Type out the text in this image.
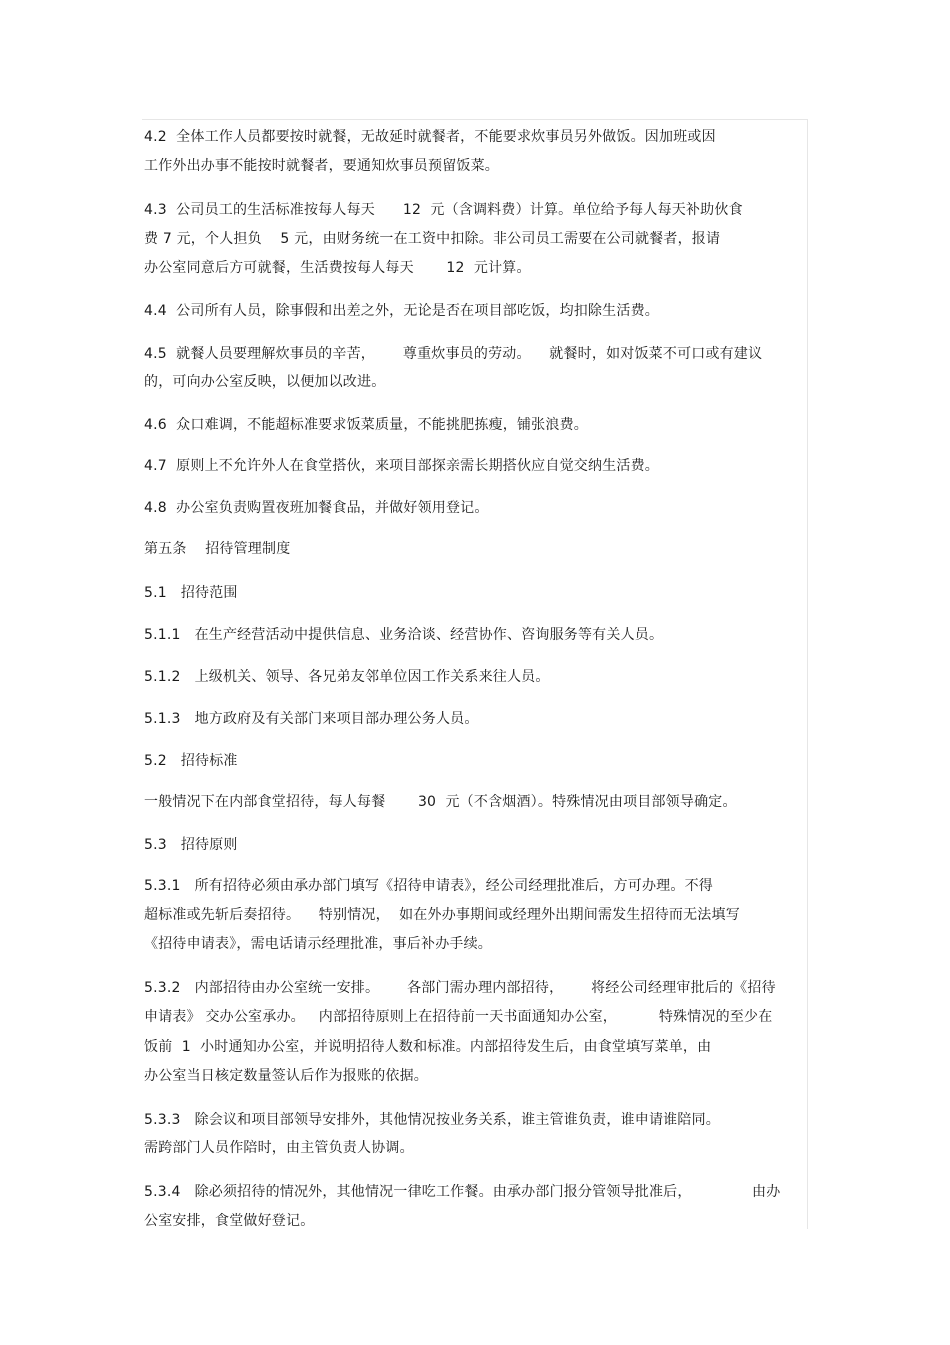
4.2  全体工作人员都要按时就餐，无故延时就餐者，不能要求炊事员另外做饭。因加班或因
工作外出办事不能按时就餐者，要通知炊事员预留饭菜。
4.3  公司员工的生活标准按每人每天      12  元（含调料费）计算。单位给予每人每天补助伙食
费 7 元，个人担负    5 元，由财务统一在工资中扣除。非公司员工需要在公司就餐者，报请
办公室同意后方可就餐，生活费按每人每天       12  元计算。
4.4  公司所有人员，除事假和出差之外，无论是否在项目部吃饭，均扣除生活费。
4.5  就餐人员要理解炊事员的辛苦，      尊重炊事员的劳动。    就餐时，如对饭菜不可口或有建议
的，可向办公室反映，以便加以改进。
4.6  众口难调，不能超标准要求饭菜质量，不能挑肥拣瘦，铺张浪费。
4.7  原则上不允许外人在食堂搭伙，来项目部探亲需长期搭伙应自觉交纳生活费。
4.8  办公室负责购置夜班加餐食品，并做好领用登记。
第五条    招待管理制度
5.1   招待范围
5.1.1   在生产经营活动中提供信息、业务洽谈、经营协作、咨询服务等有关人员。
5.1.2   上级机关、领导、各兄弟友邻单位因工作关系来往人员。
5.1.3   地方政府及有关部门来项目部办理公务人员。
5.2   招待标准
一般情况下在内部食堂招待，每人每餐       30  元（不含烟酒）。特殊情况由项目部领导确定。
5.3   招待原则
5.3.1   所有招待必须由承办部门填写《招待申请表》，经公司经理批准后，方可办理。不得
超标准或先斩后奏招待。    特别情况，  如在外办事期间或经理外出期间需发生招待而无法填写
《招待申请表》，需电话请示经理批准，事后补办手续。
5.3.2   内部招待由办公室统一安排。      各部门需办理内部招待，      将经公司经理审批后的《招待
申请表》 交办公室承办。   内部招待原则上在招待前一天书面通知办公室，         特殊情况的至少在
饭前  1  小时通知办公室，并说明招待人数和标准。内部招待发生后，由食堂填写菜单，由
办公室当日核定数量签认后作为报账的依据。
5.3.3   除会议和项目部领导安排外，其他情况按业务关系，谁主管谁负责，谁申请谁陪同。
需跨部门人员作陪时，由主管负责人协调。
5.3.4   除必须招待的情况外，其他情况一律吃工作餐。由承办部门报分管领导批准后，             由办
公室安排，食堂做好登记。
